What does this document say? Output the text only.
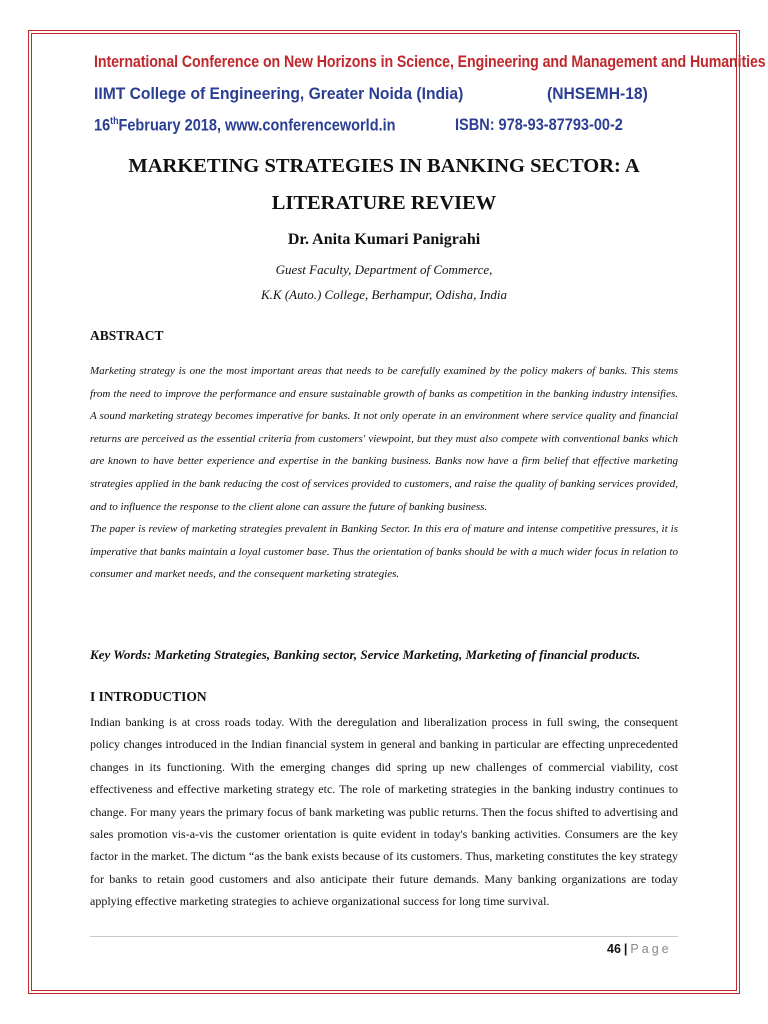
International Conference on New Horizons in Science, Engineering and Management and Humanities
IIMT College of Engineering, Greater Noida (India)	(NHSEMH-18)
16thFebruary 2018, www.conferenceworld.in	ISBN: 978-93-87793-00-2
MARKETING STRATEGIES IN BANKING SECTOR: A
LITERATURE REVIEW
Dr. Anita Kumari Panigrahi
Guest Faculty, Department of Commerce,
K.K (Auto.) College, Berhampur, Odisha, India
ABSTRACT

Marketing strategy is one the most important areas that needs to be carefully examined by the policy makers of banks. This stems from the need to improve the performance and ensure sustainable growth of banks as competition in the banking industry intensifies. A sound marketing strategy becomes imperative for banks. It not only operate in an environment where service quality and financial returns are perceived as the essential criteria from customers' viewpoint, but they must also compete with conventional banks which are known to have better experience and expertise in the banking business. Banks now have a firm belief that effective marketing strategies applied in the bank reducing the cost of services provided to customers, and raise the quality of banking services provided, and to influence the response to the client alone can assure the future of banking business.

The paper is review of marketing strategies prevalent in Banking Sector. In this era of mature and intense competitive pressures, it is imperative that banks maintain a loyal customer base. Thus the orientation of banks should be with a much wider focus in relation to consumer and market needs, and the consequent marketing strategies.

Key Words: Marketing Strategies, Banking sector, Service Marketing, Marketing of financial products.
I INTRODUCTION

Indian banking is at cross roads today. With the deregulation and liberalization process in full swing, the consequent policy changes introduced in the Indian financial system in general and banking in particular are effecting unprecedented changes in its functioning. With the emerging changes did spring up new challenges of commercial viability, cost effectiveness and effective marketing strategy etc. The role of marketing strategies in the banking industry continues to change. For many years the primary focus of bank marketing was public returns. Then the focus shifted to advertising and sales promotion vis-a-vis the customer orientation is quite evident in today's banking activities. Consumers are the key factor in the market. The dictum “as the bank exists because of its customers. Thus, marketing constitutes the key strategy for banks to retain good customers and also anticipate their future demands. Many banking organizations are today applying effective marketing strategies to achieve organizational success for long time survival.

46 | Page
